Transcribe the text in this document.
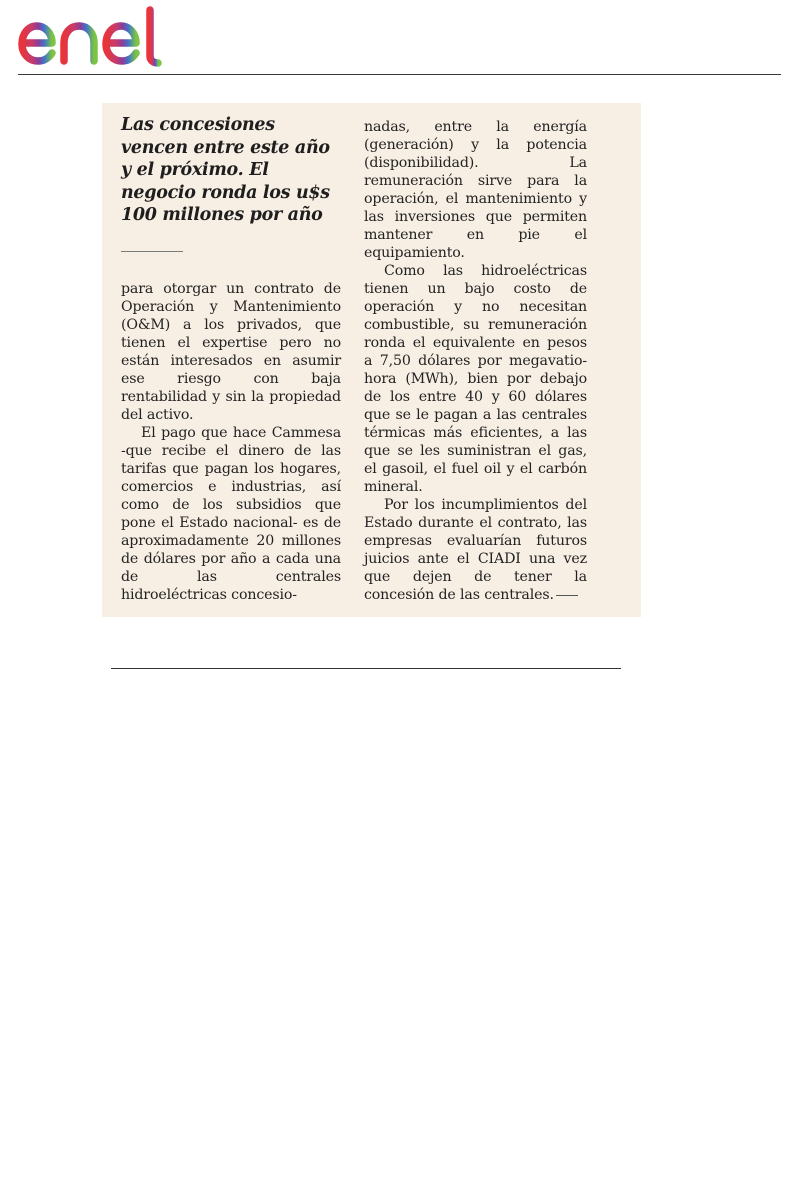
Las concesiones vencen entre este año y el próximo. El negocio ronda los u$s 100 millones por año

para otorgar un contrato de Operación y Mantenimiento (O&M) a los privados, que tienen el expertise pero no están interesados en asumir ese riesgo con baja rentabilidad y sin la propiedad del activo.

El pago que hace Cammesa -que recibe el dinero de las tarifas que pagan los hogares, comercios e industrias, así como de los subsidios que pone el Estado nacional- es de aproximadamente 20 millones de dólares por año a cada una de las centrales hidroeléctricas concesio-

nadas, entre la energía (generación) y la potencia (disponibilidad). La remuneración sirve para la operación, el mantenimiento y las inversiones que permiten mantener en pie el equipamiento.

Como las hidroeléctricas tienen un bajo costo de operación y no necesitan combustible, su remuneración ronda el equivalente en pesos a 7,50 dólares por megavatio-hora (MWh), bien por debajo de los entre 40 y 60 dólares que se le pagan a las centrales térmicas más eficientes, a las que se les suministran el gas, el gasoil, el fuel oil y el carbón mineral.

Por los incumplimientos del Estado durante el contrato, las empresas evaluarían futuros juicios ante el CIADI una vez que dejen de tener la concesión de las centrales.
